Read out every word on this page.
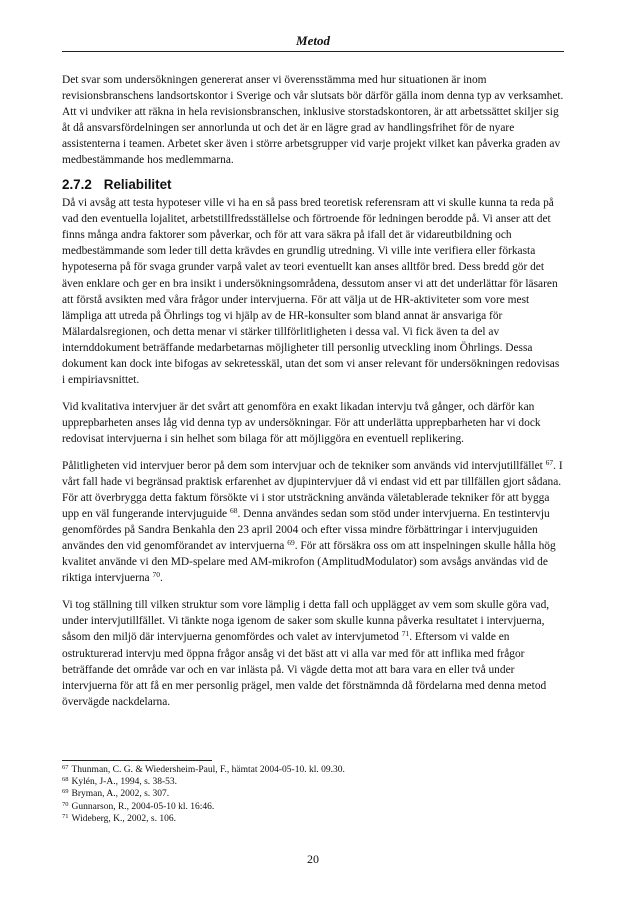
Metod

Det svar som undersökningen genererat anser vi överensstämma med hur situationen är inom revisionsbranschens landsortskontor i Sverige och vår slutsats bör därför gälla inom denna typ av verksamhet. Att vi undviker att räkna in hela revisionsbranschen, inklusive storstadskontoren, är att arbetssättet skiljer sig åt då ansvarsfördelningen ser annorlunda ut och det är en lägre grad av handlingsfrihet för de nyare assistenterna i teamen. Arbetet sker även i större arbetsgrupper vid varje projekt vilket kan påverka graden av medbestämmande hos medlemmarna.

2.7.2 Reliabilitet

Då vi avsåg att testa hypoteser ville vi ha en så pass bred teoretisk referensram att vi skulle kunna ta reda på vad den eventuella lojalitet, arbetstillfredsställelse och förtroende för ledningen berodde på. Vi anser att det finns många andra faktorer som påverkar, och för att vara säkra på ifall det är vidareutbildning och medbestämmande som leder till detta krävdes en grundlig utredning. Vi ville inte verifiera eller förkasta hypoteserna på för svaga grunder varpå valet av teori eventuellt kan anses alltför bred. Dess bredd gör det även enklare och ger en bra insikt i undersökningsområdena, dessutom anser vi att det underlättar för läsaren att förstå avsikten med våra frågor under intervjuerna. För att välja ut de HR-aktiviteter som vore mest lämpliga att utreda på Öhrlings tog vi hjälp av de HR-konsulter som bland annat är ansvariga för Mälardalsregionen, och detta menar vi stärker tillförlitligheten i dessa val. Vi fick även ta del av internddokument beträffande medarbetarnas möjligheter till personlig utveckling inom Öhrlings. Dessa dokument kan dock inte bifogas av sekretesskäl, utan det som vi anser relevant för undersökningen redovisas i empiriavsnittet.

Vid kvalitativa intervjuer är det svårt att genomföra en exakt likadan intervju två gånger, och därför kan upprepbarheten anses låg vid denna typ av undersökningar. För att underlätta upprepbarheten har vi dock redovisat intervjuerna i sin helhet som bilaga för att möjliggöra en eventuell replikering.

Pålitligheten vid intervjuer beror på dem som intervjuar och de tekniker som används vid intervjutillfället $^{67}$. I vårt fall hade vi begränsad praktisk erfarenhet av djupintervjuer då vi endast vid ett par tillfällen gjort sådana. För att överbrygga detta faktum försökte vi i stor utsträckning använda väletablerade tekniker för att bygga upp en väl fungerande intervjuguide $^{68}$. Denna användes sedan som stöd under intervjuerna. En testintervju genomfördes på Sandra Benkahla den 23 april 2004 och efter vissa mindre förbättringar i intervjuguiden användes den vid genomförandet av intervjuerna $^{69}$. För att försäkra oss om att inspelningen skulle hålla hög kvalitet använde vi den MD-spelare med AM-mikrofon (AmplitudModulator) som avsågs användas vid de riktiga intervjuerna $^{70}$.

Vi tog ställning till vilken struktur som vore lämplig i detta fall och upplägget av vem som skulle göra vad, under intervjutillfället. Vi tänkte noga igenom de saker som skulle kunna påverka resultatet i intervjuerna, såsom den miljö där intervjuerna genomfördes och valet av intervjumetod $^{71}$. Eftersom vi valde en ostrukturerad intervju med öppna frågor ansåg vi det bäst att vi alla var med för att inflika med frågor beträffande det område var och en var inlästa på. Vi vägde detta mot att bara vara en eller två under intervjuerna för att få en mer personlig prägel, men valde det förstnämnda då fördelarna med denna metod övervägde nackdelarna.

$^{67}$ Thunman, C. G. & Wiedersheim-Paul, F., hämtat 2004-05-10. kl. 09.30.
$^{68}$ Kylén, J-A., 1994, s. 38-53.
$^{69}$ Bryman, A., 2002, s. 307.
$^{70}$ Gunnarson, R., 2004-05-10 kl. 16:46.
$^{71}$ Wideberg, K., 2002, s. 106.
20
